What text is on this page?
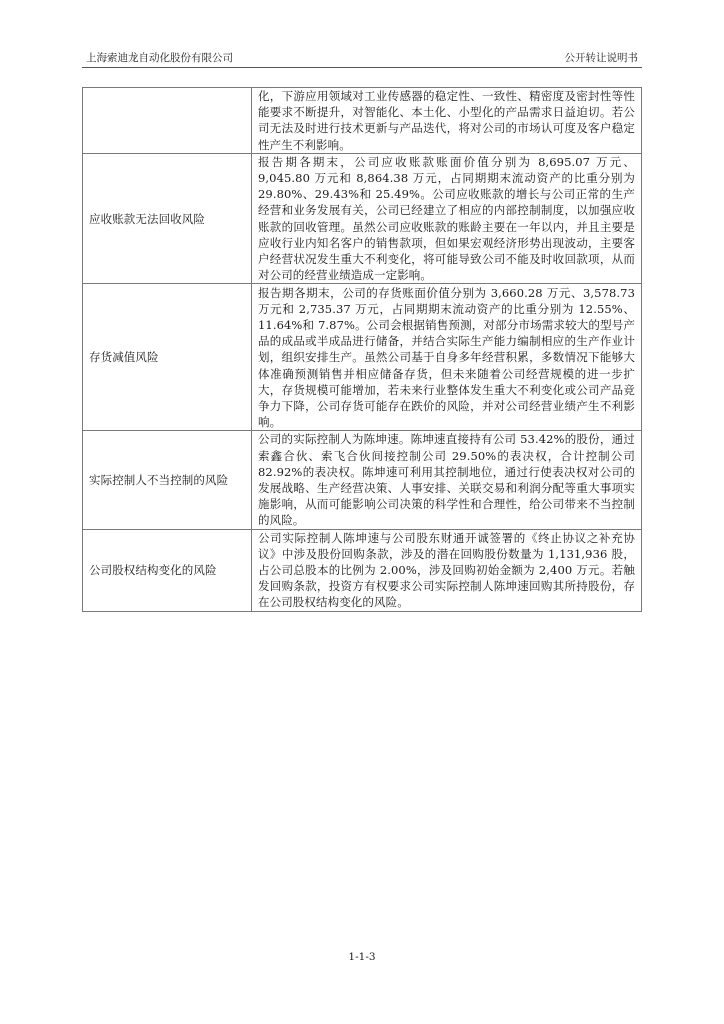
上海索迪龙自动化股份有限公司	公开转让说明书
	化，下游应用领域对工业传感器的稳定性、一致性、精密度及密封性等性能要求不断提升，对智能化、本土化、小型化的产品需求日益迫切。若公司无法及时进行技术更新与产品迭代，将对公司的市场认可度及客户稳定性产生不利影响。
应收账款无法回收风险	报告期各期末，公司应收账款账面价值分别为 8,695.07 万元、9,045.80 万元和 8,864.38 万元，占同期期末流动资产的比重分别为 29.80%、29.43%和 25.49%。公司应收账款的增长与公司正常的生产经营和业务发展有关，公司已经建立了相应的内部控制制度，以加强应收账款的回收管理。虽然公司应收账款的账龄主要在一年以内，并且主要是应收行业内知名客户的销售款项，但如果宏观经济形势出现波动，主要客户经营状况发生重大不利变化，将可能导致公司不能及时收回款项，从而对公司的经营业绩造成一定影响。
存货减值风险	报告期各期末，公司的存货账面价值分别为 3,660.28 万元、3,578.73 万元和 2,735.37 万元，占同期期末流动资产的比重分别为 12.55%、11.64%和 7.87%。公司会根据销售预测，对部分市场需求较大的型号产品的成品或半成品进行储备，并结合实际生产能力编制相应的生产作业计划，组织安排生产。虽然公司基于自身多年经营积累，多数情况下能够大体准确预测销售并相应储备存货，但未来随着公司经营规模的进一步扩大，存货规模可能增加，若未来行业整体发生重大不利变化或公司产品竞争力下降，公司存货可能存在跌价的风险，并对公司经营业绩产生不利影响。
实际控制人不当控制的风险	公司的实际控制人为陈坤速。陈坤速直接持有公司 53.42%的股份，通过索鑫合伙、索飞合伙间接控制公司 29.50%的表决权，合计控制公司 82.92%的表决权。陈坤速可利用其控制地位，通过行使表决权对公司的发展战略、生产经营决策、人事安排、关联交易和利润分配等重大事项实施影响，从而可能影响公司决策的科学性和合理性，给公司带来不当控制的风险。
公司股权结构变化的风险	公司实际控制人陈坤速与公司股东财通开诚签署的《终止协议之补充协议》中涉及股份回购条款，涉及的潜在回购股份数量为 1,131,936 股，占公司总股本的比例为 2.00%，涉及回购初始金额为 2,400 万元。若触发回购条款，投资方有权要求公司实际控制人陈坤速回购其所持股份，存在公司股权结构变化的风险。
1-1-3
